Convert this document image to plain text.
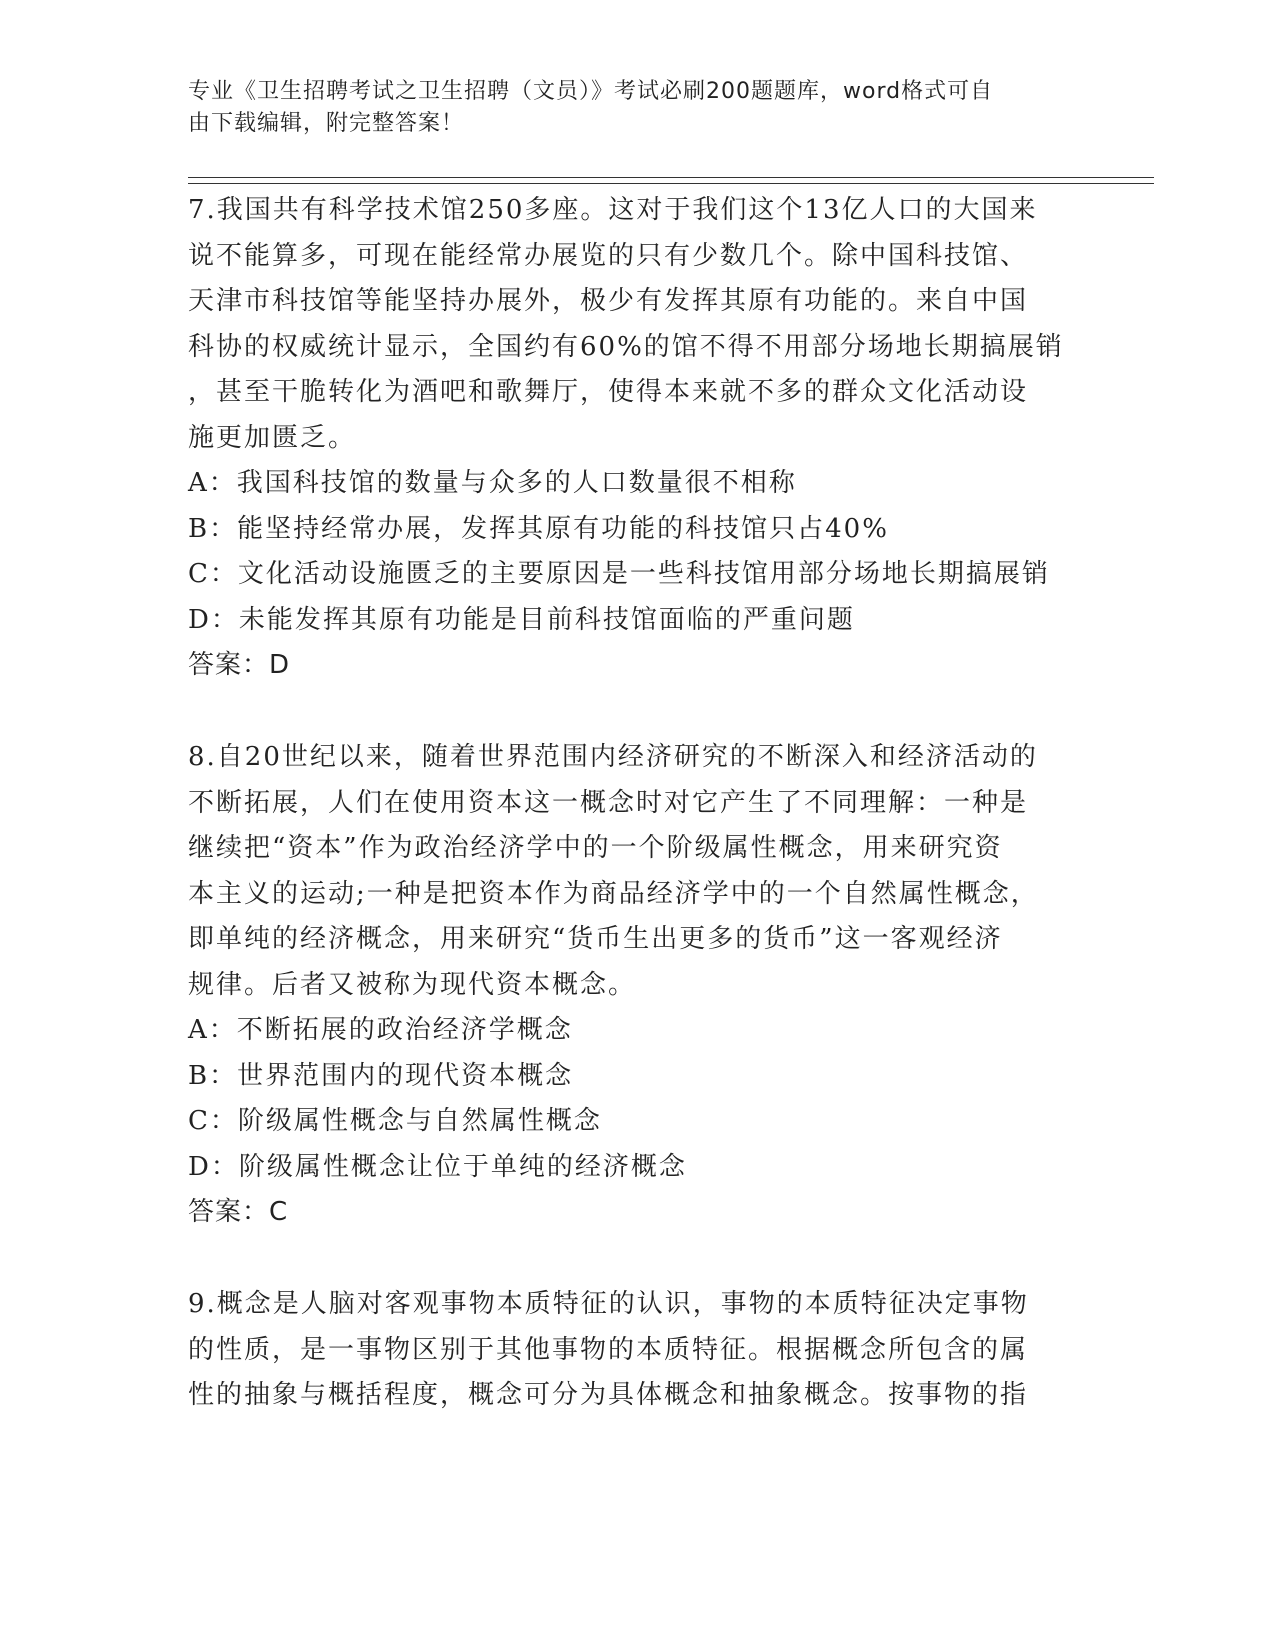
专业《卫生招聘考试之卫生招聘（文员）》考试必刷200题题库，word格式可自
由下载编辑，附完整答案！
7.我国共有科学技术馆250多座。这对于我们这个13亿人口的大国来
说不能算多，可现在能经常办展览的只有少数几个。除中国科技馆、
天津市科技馆等能坚持办展外，极少有发挥其原有功能的。来自中国
科协的权威统计显示，全国约有60%的馆不得不用部分场地长期搞展销
，甚至干脆转化为酒吧和歌舞厅，使得本来就不多的群众文化活动设
施更加匮乏。
A：我国科技馆的数量与众多的人口数量很不相称
B：能坚持经常办展，发挥其原有功能的科技馆只占40%
C：文化活动设施匮乏的主要原因是一些科技馆用部分场地长期搞展销
D：未能发挥其原有功能是目前科技馆面临的严重问题
答案：D
8.自20世纪以来，随着世界范围内经济研究的不断深入和经济活动的
不断拓展，人们在使用资本这一概念时对它产生了不同理解：一种是
继续把“资本”作为政治经济学中的一个阶级属性概念，用来研究资
本主义的运动;一种是把资本作为商品经济学中的一个自然属性概念，
即单纯的经济概念，用来研究“货币生出更多的货币”这一客观经济
规律。后者又被称为现代资本概念。
A：不断拓展的政治经济学概念
B：世界范围内的现代资本概念
C：阶级属性概念与自然属性概念
D：阶级属性概念让位于单纯的经济概念
答案：C
9.概念是人脑对客观事物本质特征的认识，事物的本质特征决定事物
的性质，是一事物区别于其他事物的本质特征。根据概念所包含的属
性的抽象与概括程度，概念可分为具体概念和抽象概念。按事物的指
